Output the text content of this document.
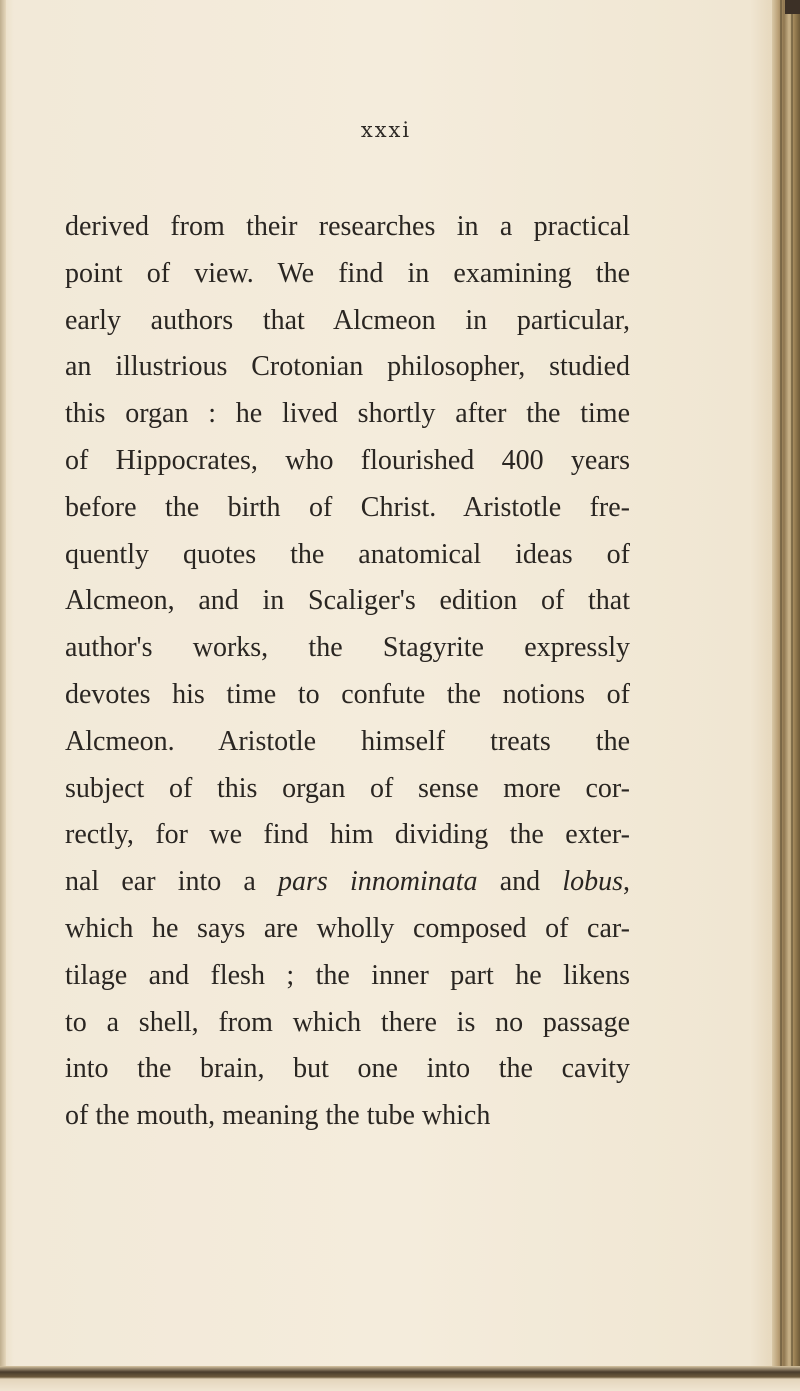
xxxi
derived from their researches in a practical
point of view. We find in examining the
early authors that Alcmeon in particular,
an illustrious Crotonian philosopher, studied
this organ : he lived shortly after the time
of Hippocrates, who flourished 400 years
before the birth of Christ. Aristotle fre-
quently quotes the anatomical ideas of
Alcmeon, and in Scaliger's edition of that
author's works, the Stagyrite expressly
devotes his time to confute the notions of
Alcmeon. Aristotle himself treats the
subject of this organ of sense more cor-
rectly, for we find him dividing the exter-
nal ear into a pars innominata and lobus,
which he says are wholly composed of car-
tilage and flesh ; the inner part he likens
to a shell, from which there is no passage
into the brain, but one into the cavity
of the mouth, meaning the tube which
